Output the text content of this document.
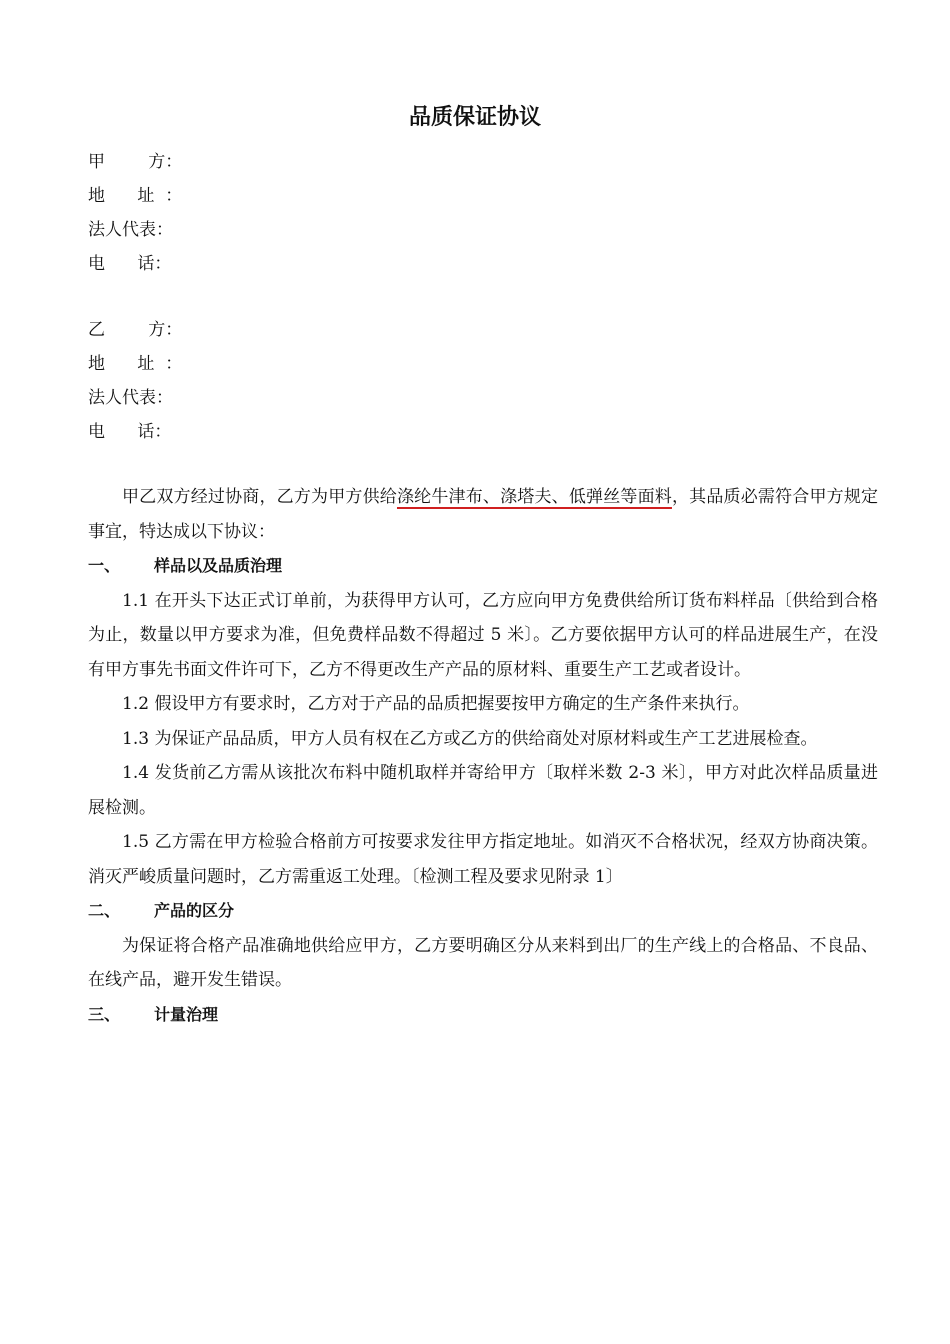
品质保证协议
甲        方：
地      址  ：
法人代表：
电      话：
乙        方：
地      址  ：
法人代表：
电      话：

甲乙双方经过协商，乙方为甲方供给涤纶牛津布、涤塔夫、低弹丝等面料，其品质必需符合甲方规定事宜，特达成以下协议：

一、 样品以及品质治理

1.1 在开头下达正式订单前，为获得甲方认可，乙方应向甲方免费供给所订货布料样品〔供给到合格为止，数量以甲方要求为准，但免费样品数不得超过 5 米〕。乙方要依据甲方认可的样品进展生产，在没有甲方事先书面文件许可下，乙方不得更改生产产品的原材料、重要生产工艺或者设计。

1.2 假设甲方有要求时，乙方对于产品的品质把握要按甲方确定的生产条件来执行。

1.3 为保证产品品质，甲方人员有权在乙方或乙方的供给商处对原材料或生产工艺进展检查。

1.4 发货前乙方需从该批次布料中随机取样并寄给甲方〔取样米数 2-3 米〕，甲方对此次样品质量进展检测。

1.5 乙方需在甲方检验合格前方可按要求发往甲方指定地址。如消灭不合格状况，经双方协商决策。消灭严峻质量问题时，乙方需重返工处理。〔检测工程及要求见附录 1〕

二、 产品的区分

为保证将合格产品准确地供给应甲方，乙方要明确区分从来料到出厂的生产线上的合格品、不良品、在线产品，避开发生错误。

三、 计量治理
